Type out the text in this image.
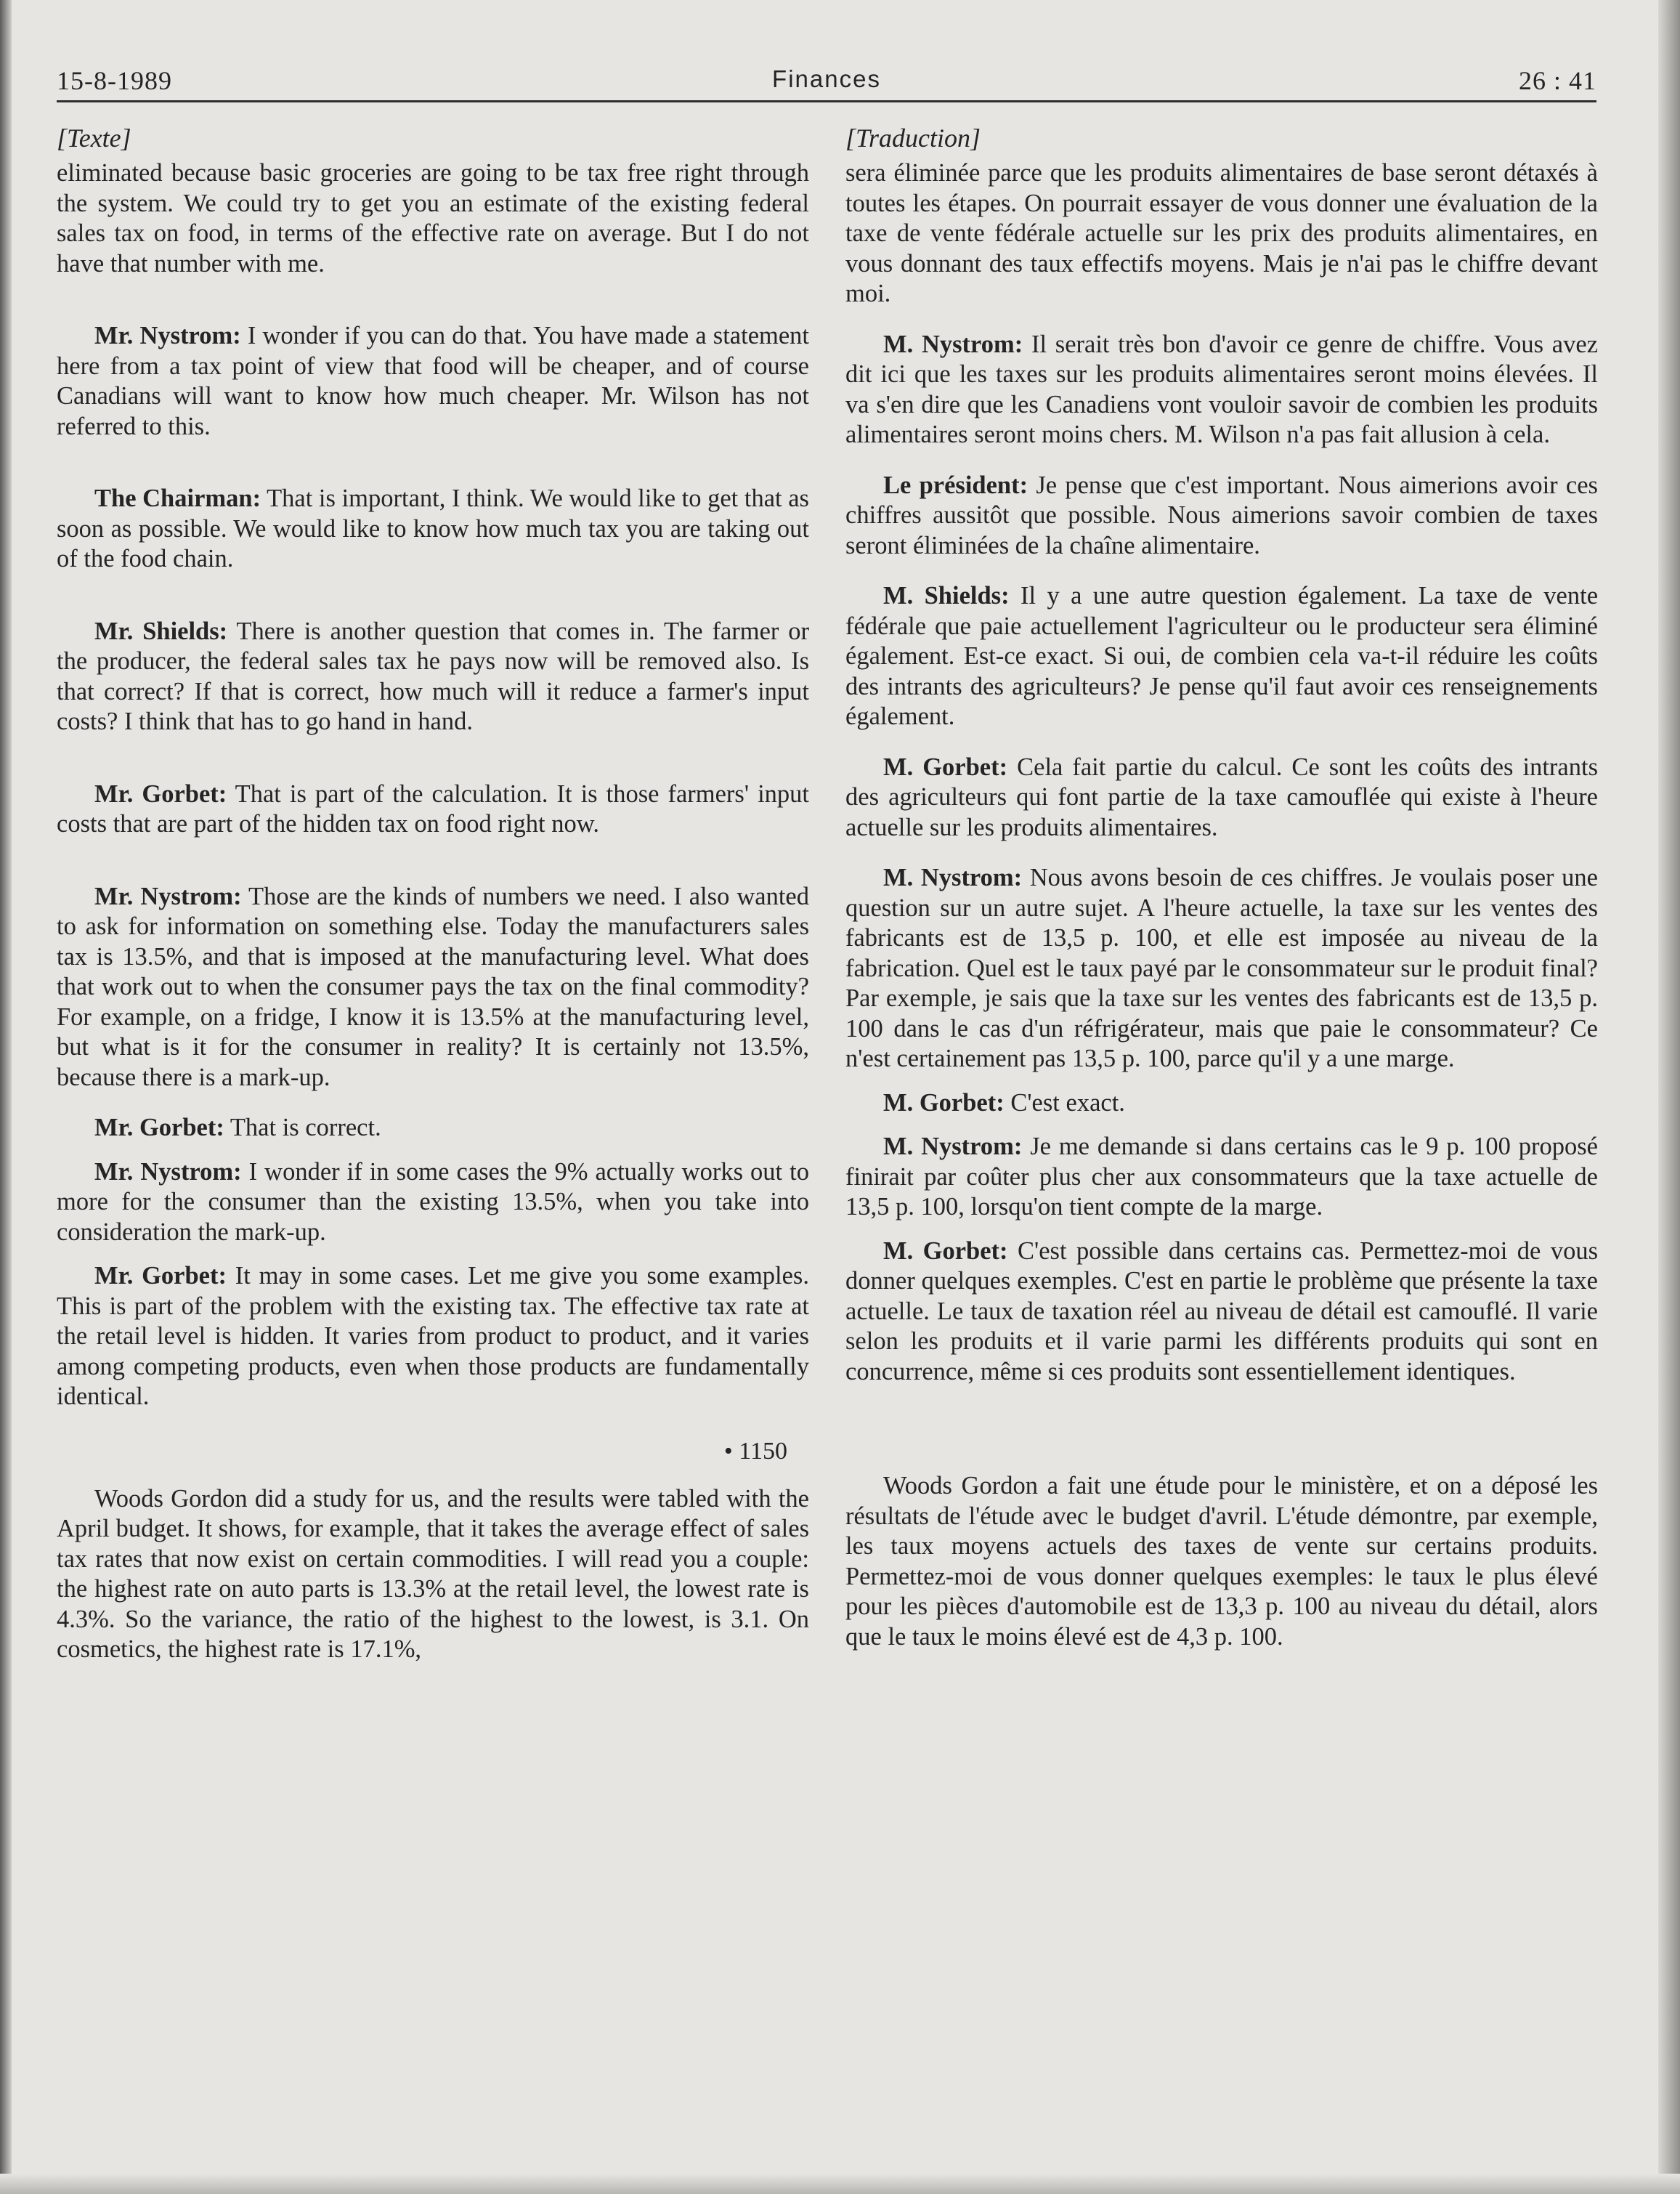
Finances
15-8-1989	26 : 41
[Texte]

eliminated because basic groceries are going to be tax free right through the system. We could try to get you an estimate of the existing federal sales tax on food, in terms of the effective rate on average. But I do not have that number with me.

Mr. Nystrom: I wonder if you can do that. You have made a statement here from a tax point of view that food will be cheaper, and of course Canadians will want to know how much cheaper. Mr. Wilson has not referred to this.

The Chairman: That is important, I think. We would like to get that as soon as possible. We would like to know how much tax you are taking out of the food chain.

Mr. Shields: There is another question that comes in. The farmer or the producer, the federal sales tax he pays now will be removed also. Is that correct? If that is correct, how much will it reduce a farmer's input costs? I think that has to go hand in hand.

Mr. Gorbet: That is part of the calculation. It is those farmers' input costs that are part of the hidden tax on food right now.

Mr. Nystrom: Those are the kinds of numbers we need. I also wanted to ask for information on something else. Today the manufacturers sales tax is 13.5%, and that is imposed at the manufacturing level. What does that work out to when the consumer pays the tax on the final commodity? For example, on a fridge, I know it is 13.5% at the manufacturing level, but what is it for the consumer in reality? It is certainly not 13.5%, because there is a mark-up.

Mr. Gorbet: That is correct.

Mr. Nystrom: I wonder if in some cases the 9% actually works out to more for the consumer than the existing 13.5%, when you take into consideration the mark-up.

Mr. Gorbet: It may in some cases. Let me give you some examples. This is part of the problem with the existing tax. The effective tax rate at the retail level is hidden. It varies from product to product, and it varies among competing products, even when those products are fundamentally identical.

• 1150

Woods Gordon did a study for us, and the results were tabled with the April budget. It shows, for example, that it takes the average effect of sales tax rates that now exist on certain commodities. I will read you a couple: the highest rate on auto parts is 13.3% at the retail level, the lowest rate is 4.3%. So the variance, the ratio of the highest to the lowest, is 3.1. On cosmetics, the highest rate is 17.1%,

[Traduction]

sera éliminée parce que les produits alimentaires de base seront détaxés à toutes les étapes. On pourrait essayer de vous donner une évaluation de la taxe de vente fédérale actuelle sur les prix des produits alimentaires, en vous donnant des taux effectifs moyens. Mais je n'ai pas le chiffre devant moi.

M. Nystrom: Il serait très bon d'avoir ce genre de chiffre. Vous avez dit ici que les taxes sur les produits alimentaires seront moins élevées. Il va s'en dire que les Canadiens vont vouloir savoir de combien les produits alimentaires seront moins chers. M. Wilson n'a pas fait allusion à cela.

Le président: Je pense que c'est important. Nous aimerions avoir ces chiffres aussitôt que possible. Nous aimerions savoir combien de taxes seront éliminées de la chaîne alimentaire.

M. Shields: Il y a une autre question également. La taxe de vente fédérale que paie actuellement l'agriculteur ou le producteur sera éliminé également. Est-ce exact. Si oui, de combien cela va-t-il réduire les coûts des intrants des agriculteurs? Je pense qu'il faut avoir ces renseignements également.

M. Gorbet: Cela fait partie du calcul. Ce sont les coûts des intrants des agriculteurs qui font partie de la taxe camouflée qui existe à l'heure actuelle sur les produits alimentaires.

M. Nystrom: Nous avons besoin de ces chiffres. Je voulais poser une question sur un autre sujet. A l'heure actuelle, la taxe sur les ventes des fabricants est de 13,5 p. 100, et elle est imposée au niveau de la fabrication. Quel est le taux payé par le consommateur sur le produit final? Par exemple, je sais que la taxe sur les ventes des fabricants est de 13,5 p. 100 dans le cas d'un réfrigérateur, mais que paie le consommateur? Ce n'est certainement pas 13,5 p. 100, parce qu'il y a une marge.

M. Gorbet: C'est exact.

M. Nystrom: Je me demande si dans certains cas le 9 p. 100 proposé finirait par coûter plus cher aux consommateurs que la taxe actuelle de 13,5 p. 100, lorsqu'on tient compte de la marge.

M. Gorbet: C'est possible dans certains cas. Permettez-moi de vous donner quelques exemples. C'est en partie le problème que présente la taxe actuelle. Le taux de taxation réel au niveau de détail est camouflé. Il varie selon les produits et il varie parmi les différents produits qui sont en concurrence, même si ces produits sont essentiellement identiques.

Woods Gordon a fait une étude pour le ministère, et on a déposé les résultats de l'étude avec le budget d'avril. L'étude démontre, par exemple, les taux moyens actuels des taxes de vente sur certains produits. Permettez-moi de vous donner quelques exemples: le taux le plus élevé pour les pièces d'automobile est de 13,3 p. 100 au niveau du détail, alors que le taux le moins élevé est de 4,3 p. 100.
